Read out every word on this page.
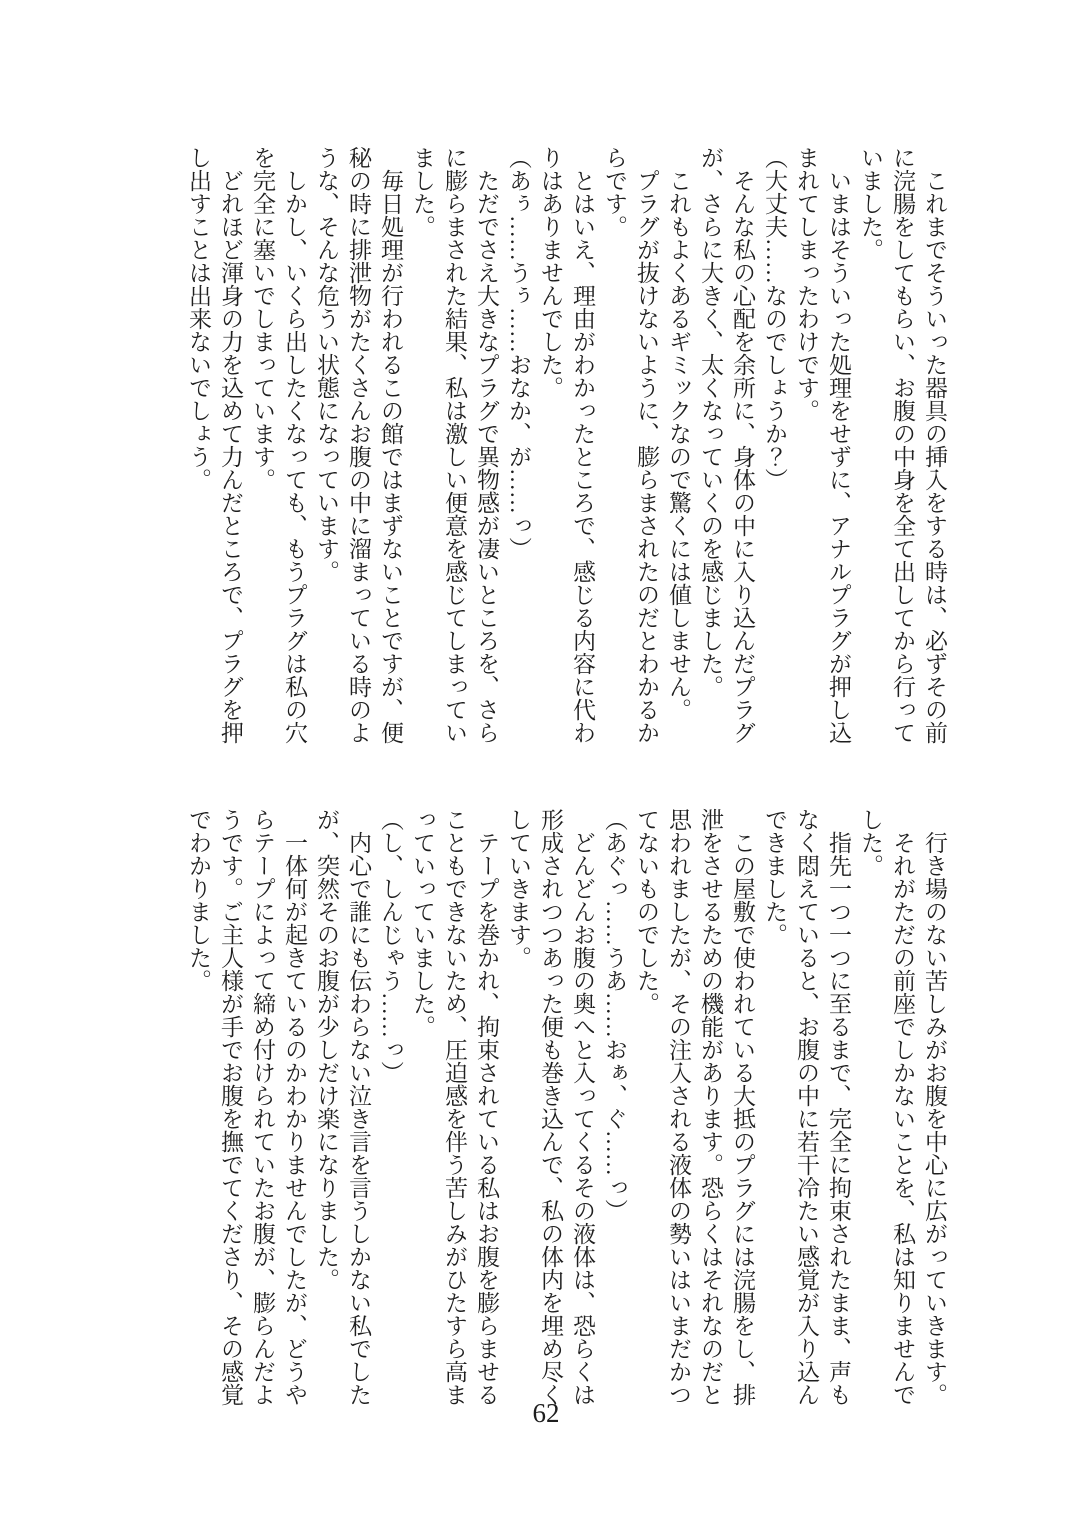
　これまでそういった器具の挿入をする時は、必ずその前に浣腸をしてもらい、お腹の中身を全て出してから行っていました。

　いまはそういった処理をせずに、アナルプラグが押し込まれてしまったわけです。

（大丈夫……なのでしょうか？）

　そんな私の心配を余所に、身体の中に入り込んだプラグが、さらに大きく、太くなっていくのを感じました。

　これもよくあるギミックなので驚くには値しません。

　プラグが抜けないように、膨らまされたのだとわかるからです。

　とはいえ、理由がわかったところで、感じる内容に代わりはありませんでした。

（あぅ……うぅ……おなか、が……っ）

　ただでさえ大きなプラグで異物感が凄いところを、さらに膨らまされた結果、私は激しい便意を感じてしまっていました。

　毎日処理が行われるこの館ではまずないことですが、便秘の時に排泄物がたくさんお腹の中に溜まっている時のような、そんな危うい状態になっています。

　しかし、いくら出したくなっても、もうプラグは私の穴を完全に塞いでしまっています。

　どれほど渾身の力を込めて力んだところで、プラグを押し出すことは出来ないでしょう。

　行き場のない苦しみがお腹を中心に広がっていきます。

　それがただの前座でしかないことを、私は知りませんでした。

　指先一つ一つに至るまで、完全に拘束されたまま、声もなく悶えていると、お腹の中に若干冷たい感覚が入り込んできました。

　この屋敷で使われている大抵のプラグには浣腸をし、排泄をさせるための機能があります。恐らくはそれなのだと思われましたが、その注入される液体の勢いはいまだかつてないものでした。

（あぐっ……うあ……おぁ、ぐ……っ）

　どんどんお腹の奥へと入ってくるその液体は、恐らくは形成されつつあった便も巻き込んで、私の体内を埋め尽くしていきます。

　テープを巻かれ、拘束されている私はお腹を膨らませることもできないため、圧迫感を伴う苦しみがひたすら高まっていっていました。

（し、しんじゃう……っ）

　内心で誰にも伝わらない泣き言を言うしかない私でしたが、突然そのお腹が少しだけ楽になりました。

　一体何が起きているのかわかりませんでしたが、どうやらテープによって締め付けられていたお腹が、膨らんだようです。ご主人様が手でお腹を撫でてくださり、その感覚でわかりました。

62
